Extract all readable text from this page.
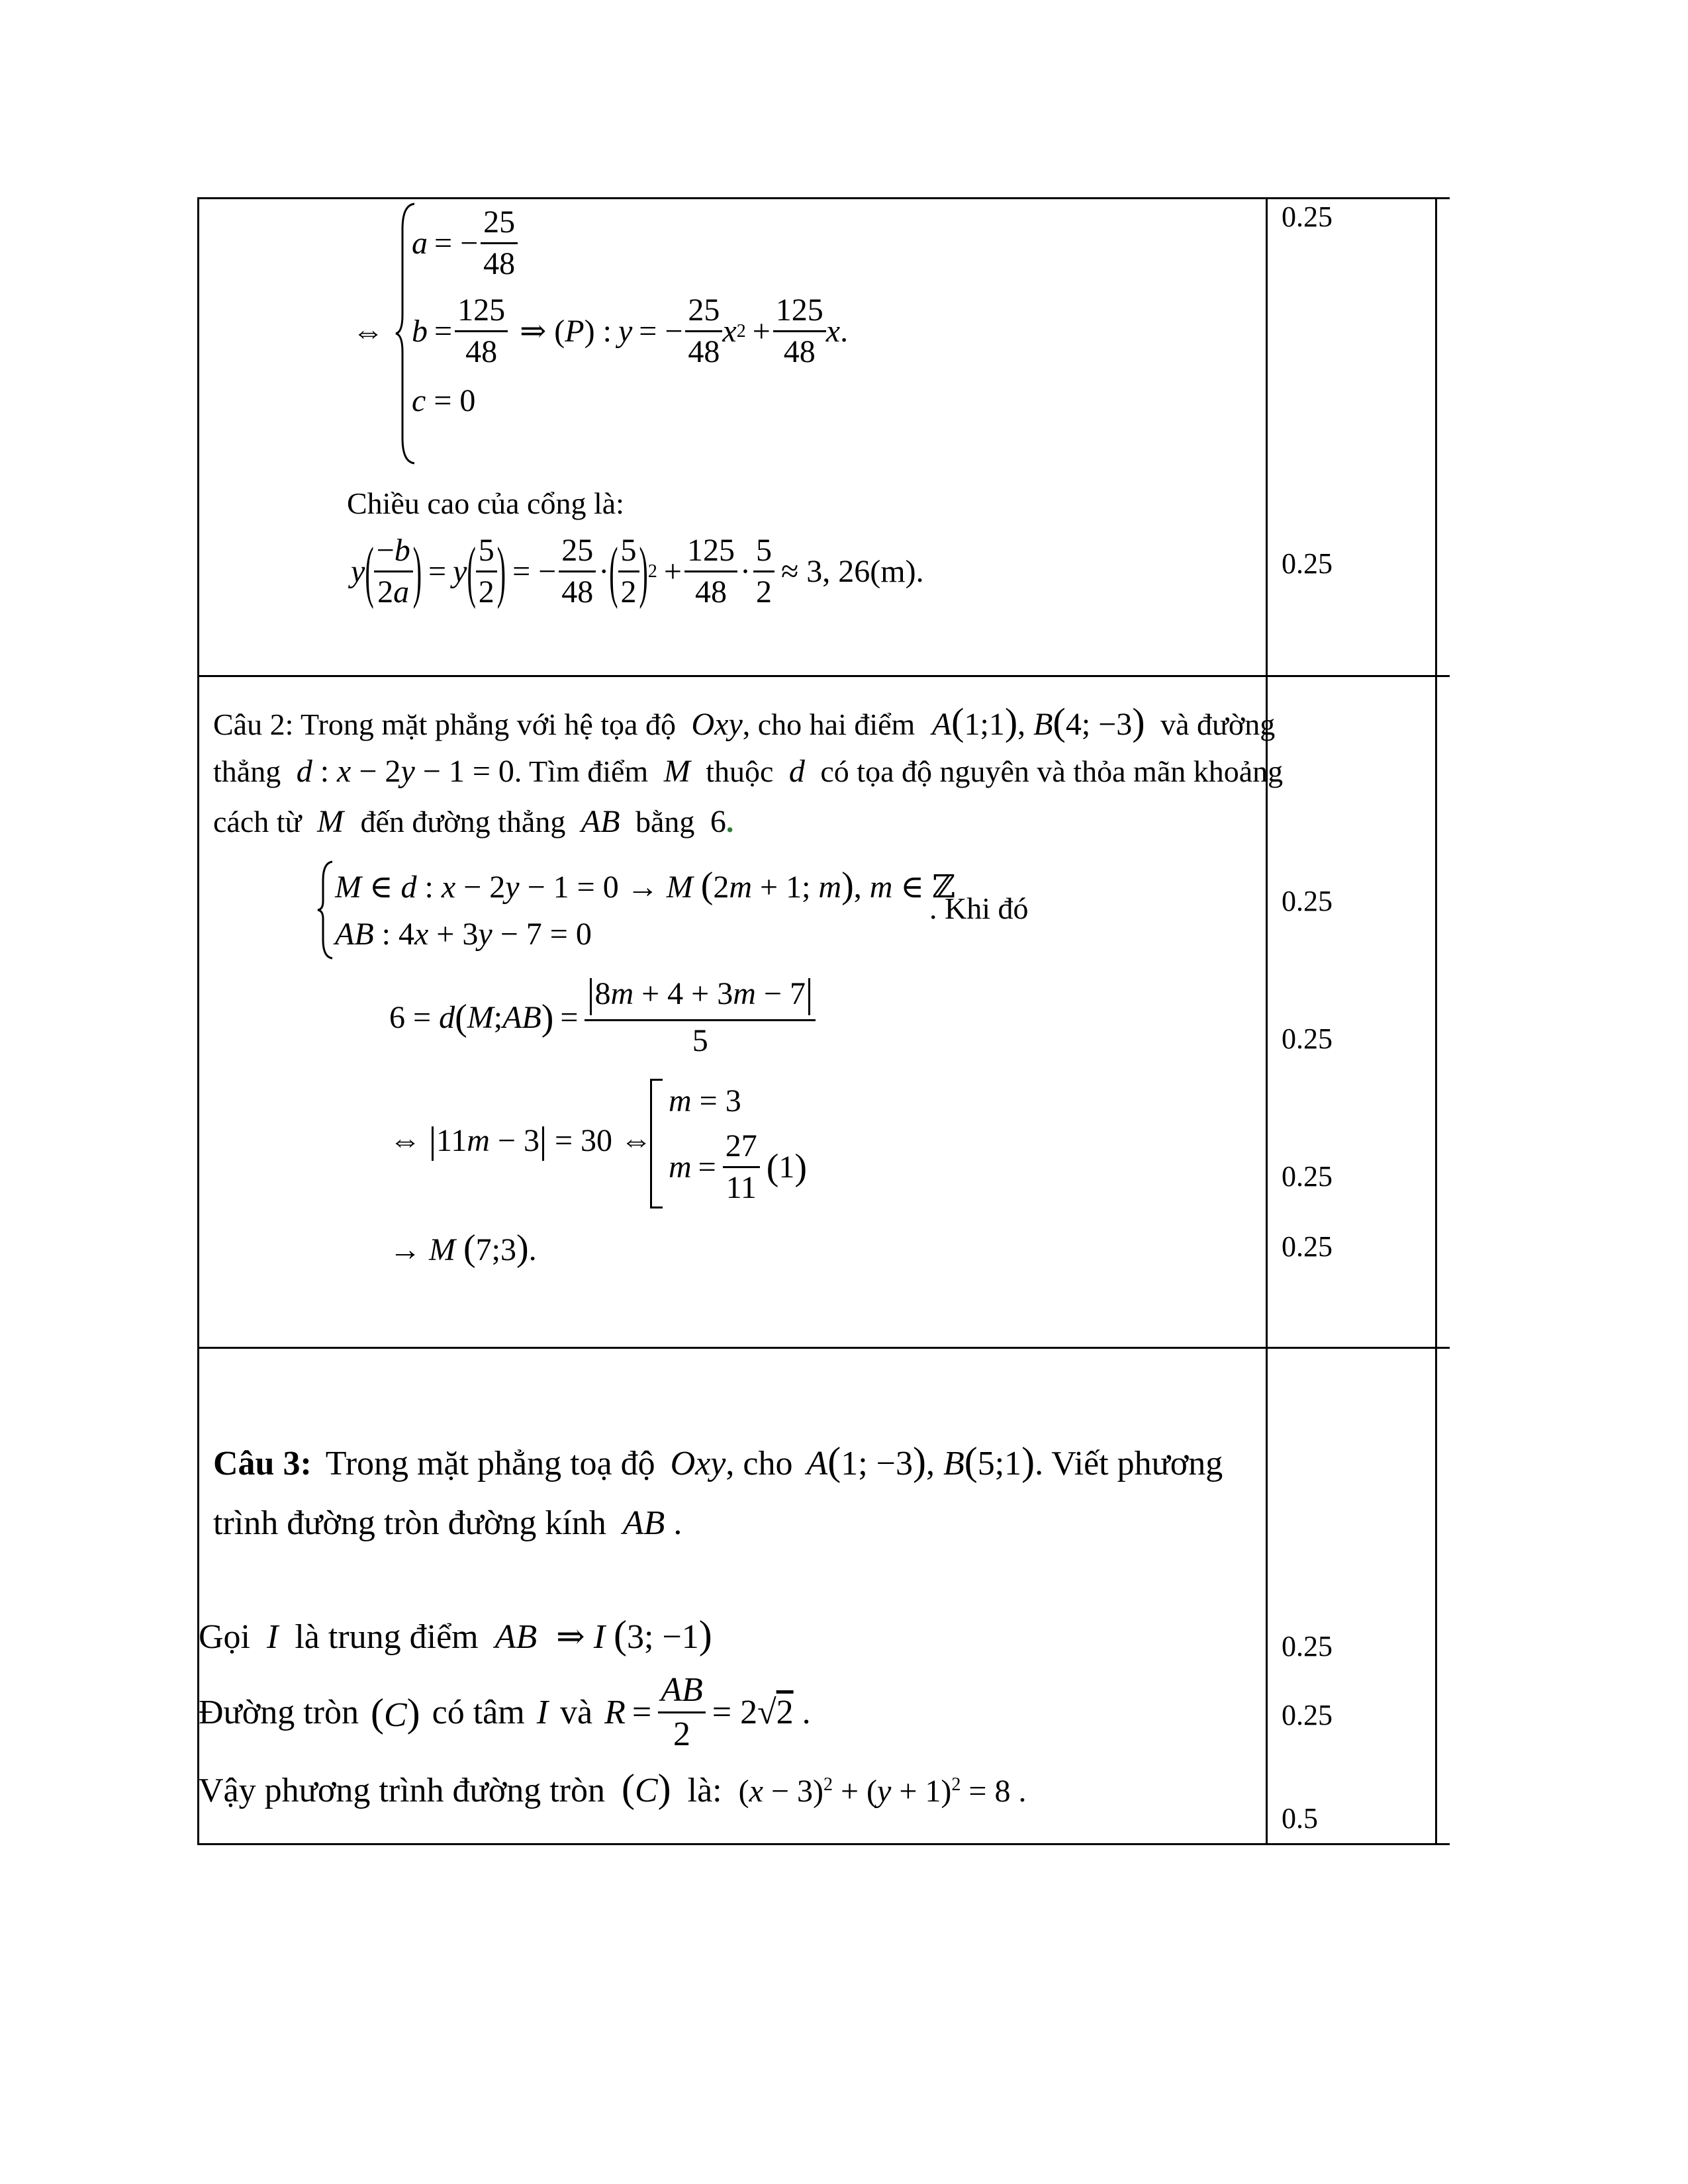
⇔
a = − $\frac{25}{48}$
$b = \frac{125}{48}$ ⇒ ( P ) : y = − $\frac{25}{48}$ x $2 + \frac{125}{48}$ x .
c = 0
Chiều cao của cổng là:
y ( $\frac{-b}{2a}$ ) = y ( $\frac{5}{2}$ ) = − $\frac{25}{48}$ · ( $\frac{5}{2}$ ) $2 + \frac{125}{48} \cdot \frac{5}{2} \approx 3$, 26(m).
0.25
0.25
Câu 2: Trong mặt phẳng với hệ tọa độ Oxy, cho hai điểm A(1;1), B(4; −3) và đường
thẳng d : x − 2y − 1 = 0. Tìm điểm M thuộc d có tọa độ nguyên và thỏa mãn khoảng
cách từ M đến đường thẳng AB bằng 6.
M ∈ d : x − 2y − 1 = 0 → M (2m + 1; m), m ∈ ℤ
AB : 4x + 3y − 7 = 0
. Khi đó
6 = d ( M ; AB ) = $\frac{8m + 4 + 3m - 7}{5}$
⇔ 11m − 3 = 30 ⇔
m = 3
$m = \frac{27}{11}$ ( 1 )
→ M (7;3).
0.25
0.25
0.25
0.25
Câu 3: Trong mặt phẳng toạ độ Oxy, cho A(1; −3), B(5;1). Viết phương
trình đường tròn đường kính AB .
Gọi I là trung điểm AB ⇒ I (3; −1)
Đường tròn (C) có tâm I và $R = \frac{AB}{2} = 2√2$ .
Vậy phương trình đường tròn (C) là: $(x - 3)^2 + (y + 1)^2 = 8$ .
0.25
0.25
0.5
